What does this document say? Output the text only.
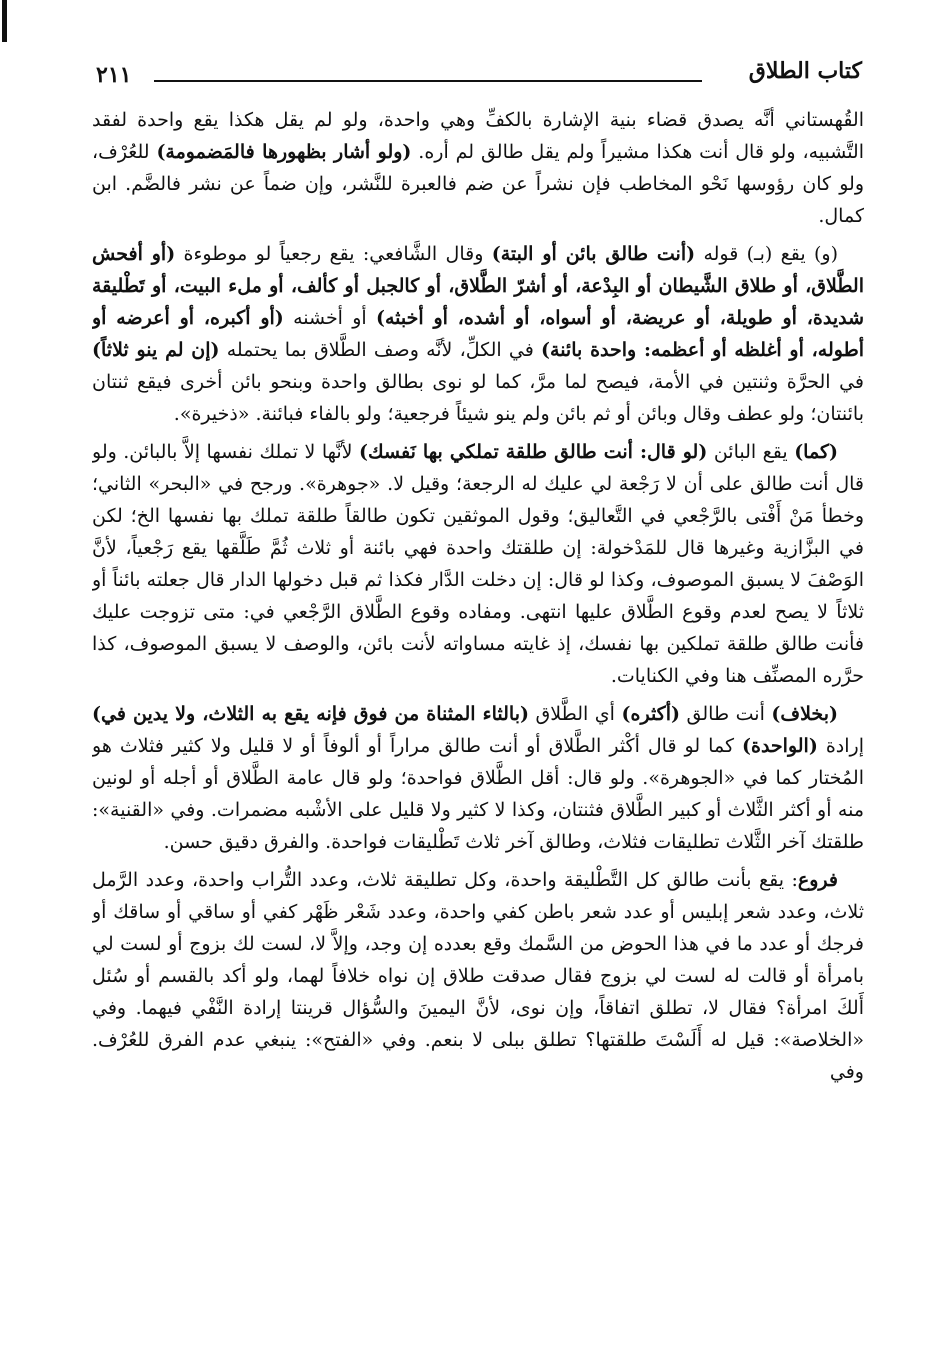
٢١١	كتاب الطلاق

القُهستاني أنَّه يصدق قضاء بنية الإشارة بالكفِّ وهي واحدة، ولو لم يقل هكذا يقع واحدة لفقد التَّشبيه، ولو قال أنت هكذا مشيراً ولم يقل طالق لم أره. (ولو أشار بظهورها فالمَضمومة) للعُرْف، ولو كان رؤوسها نَحْو المخاطب فإن نشراً عن ضم فالعبرة للنَّشر، وإن ضماً عن نشر فالضَّم. ابن كمال.

(و) يقع (بـ) قوله (أنت طالق بائن أو البتة) وقال الشَّافعي: يقع رجعياً لو موطوءة (أو أفحش الطَّلاق، أو طلاق الشَّيطان أو البِدْعة، أو أشرّ الطَّلاق، أو كالجبل أو كألف، أو ملء البيت، أو تَطْليقة شديدة، أو طويلة، أو عريضة، أو أسواه، أو أشده، أو أخبثه) أو أخشنه (أو أكبره، أو أعرضه أو أطوله، أو أغلظه أو أعظمه: واحدة بائنة) في الكلِّ، لأنَّه وصف الطَّلاق بما يحتمله (إن لم ينو ثلاثاً) في الحرَّة وثنتين في الأمة، فيصح لما مرَّ، كما لو نوى بطالق واحدة وبنحو بائن أخرى فيقع ثنتان بائنتان؛ ولو عطف وقال وبائن أو ثم بائن ولم ينو شيئاً فرجعية؛ ولو بالفاء فبائنة. «ذخيرة».

(كما) يقع البائن (لو قال: أنت طالق طلقة تملكي بها نَفسك) لأنَّها لا تملك نفسها إلاَّ بالبائن. ولو قال أنت طالق على أن لا رَجْعة لي عليك له الرجعة؛ وقيل لا. «جوهرة». ورجح في «البحر» الثاني؛ وخطأ مَنْ أَفْتى بالرَّجْعي في التَّعاليق؛ وقول الموثقين تكون طالقاً طلقة تملك بها نفسها الخ؛ لكن في البزَّازية وغيرها قال للمَدْخولة: إن طلقتك واحدة فهي بائنة أو ثلاث ثُمَّ طَلَّقها يقع رَجْعياً، لأنَّ الوَصْفَ لا يسبق الموصوف، وكذا لو قال: إن دخلت الدَّار فكذا ثم قبل دخولها الدار قال جعلته بائناً أو ثلاثاً لا يصح لعدم وقوع الطَّلاق عليها انتهى. ومفاده وقوع الطَّلاق الرَّجْعي في: متى تزوجت عليك فأنت طالق طلقة تملكين بها نفسك، إذ غايته مساواته لأنت بائن، والوصف لا يسبق الموصوف، كذا حرَّره المصنِّف هنا وفي الكنايات.

(بخلاف) أنت طالق (أكثره) أي الطَّلاق (بالثاء المثناة من فوق فإنه يقع به الثلاث، ولا يدين في) إرادة (الواحدة) كما لو قال أكْثر الطَّلاق أو أنت طالق مراراً أو ألوفاً أو لا قليل ولا كثير فثلاث هو المُختار كما في «الجوهرة». ولو قال: أقل الطَّلاق فواحدة؛ ولو قال عامة الطَّلاق أو أجله أو لونين منه أو أكثر الثَّلاث أو كبير الطَّلاق فثنتان، وكذا لا كثير ولا قليل على الأشْبه مضمرات. وفي «القنية»: طلقتك آخر الثَّلاث تطليقات فثلاث، وطالق آخر ثلاث تَطْليقات فواحدة. والفرق دقيق حسن.

فروع: يقع بأنت طالق كل التَّطْليقة واحدة، وكل تطليقة ثلاث، وعدد التُّراب واحدة، وعدد الرَّمل ثلاث، وعدد شعر إبليس أو عدد شعر باطن كفي واحدة، وعدد شَعْر ظَهْر كفي أو ساقي أو ساقك أو فرجك أو عدد ما في هذا الحوض من السَّمك وقع بعدده إن وجد، وإلاَّ لا، لست لك بزوج أو لست لي بامرأة أو قالت له لست لي بزوج فقال صدقت طلاق إن نواه خلافاً لهما، ولو أكد بالقسم أو سُئل أَلكَ امرأة؟ فقال لا، تطلق اتفاقاً، وإن نوى، لأنَّ اليمينَ والسُّؤال قرينتا إرادة النَّفْي فيهما. وفي «الخلاصة»: قيل له أَلَسْتَ طلقتها؟ تطلق ببلى لا بنعم. وفي «الفتح»: ينبغي عدم الفرق للعُرْف. وفي
